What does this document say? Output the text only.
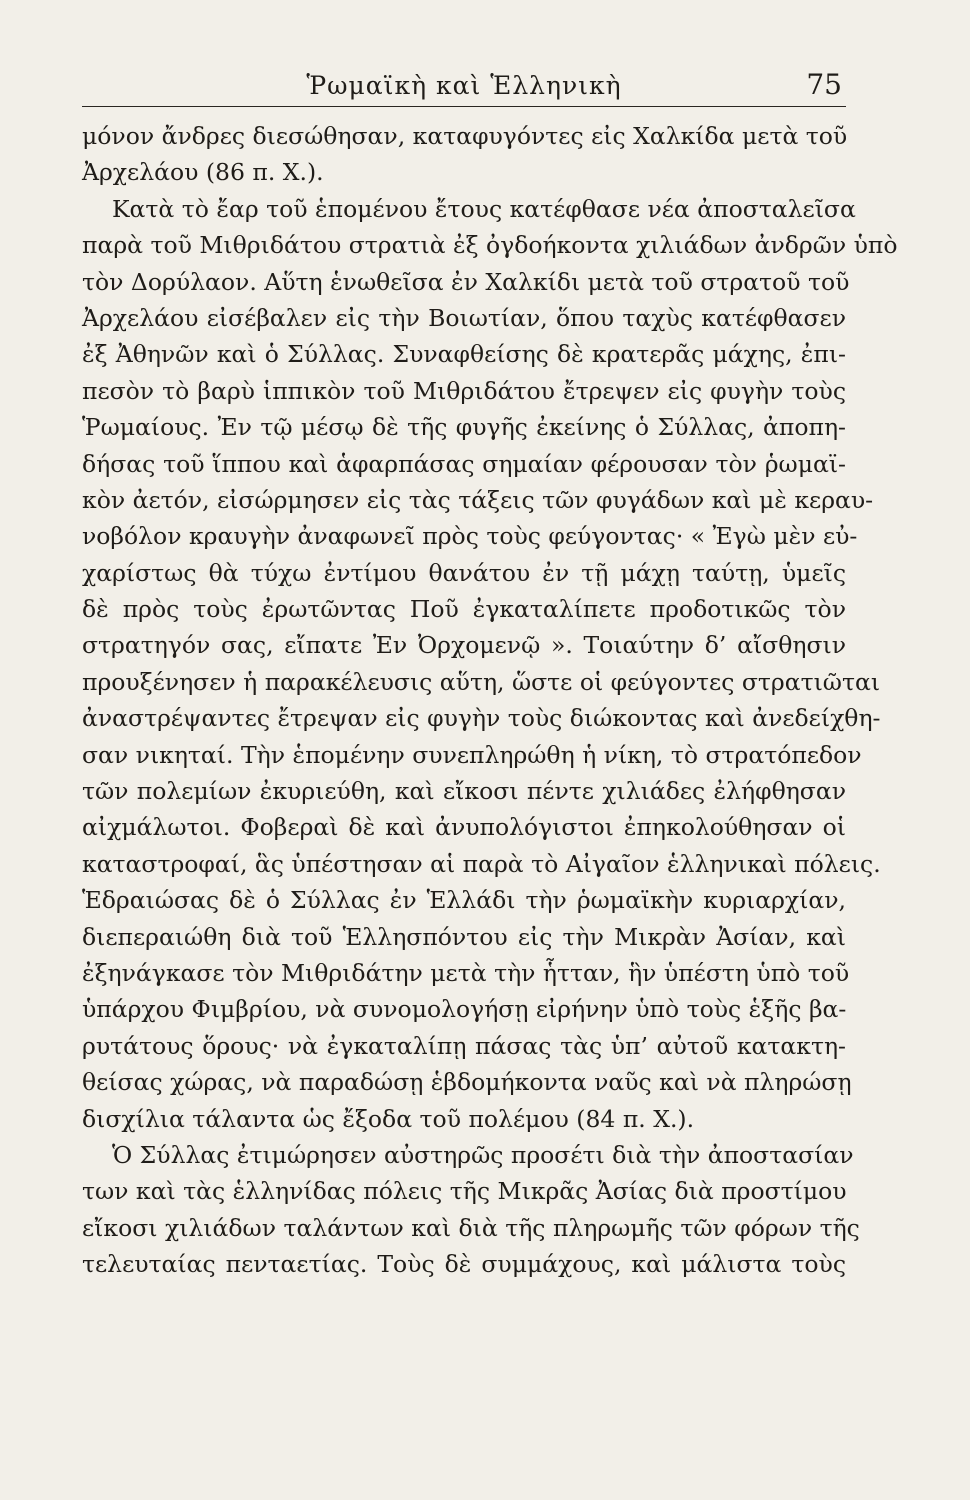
Ῥωμαϊκὴ καὶ Ἑλληνικὴ	75
μόνον ἄνδρες διεσώθησαν, καταφυγόντες εἰς Χαλκίδα μετὰ τοῦ
Ἀρχελάου (86 π. Χ.).
Κατὰ τὸ ἔαρ τοῦ ἑπομένου ἔτους κατέφθασε νέα ἀποσταλεῖσα
παρὰ τοῦ Μιθριδάτου στρατιὰ ἐξ ὀγδοήκοντα χιλιάδων ἀνδρῶν ὑπὸ
τὸν Δορύλαον. Αὕτη ἑνωθεῖσα ἐν Χαλκίδι μετὰ τοῦ στρατοῦ τοῦ
Ἀρχελάου εἰσέβαλεν εἰς τὴν Βοιωτίαν, ὅπου ταχὺς κατέφθασεν
ἐξ Ἀθηνῶν καὶ ὁ Σύλλας. Συναφθείσης δὲ κρατερᾶς μάχης, ἐπι-
πεσὸν τὸ βαρὺ ἱππικὸν τοῦ Μιθριδάτου ἔτρεψεν εἰς φυγὴν τοὺς
Ῥωμαίους. Ἐν τῷ μέσῳ δὲ τῆς φυγῆς ἐκείνης ὁ Σύλλας, ἀποπη-
δήσας τοῦ ἵππου καὶ ἁφαρπάσας σημαίαν φέρουσαν τὸν ῥωμαϊ-
κὸν ἀετόν, εἰσώρμησεν εἰς τὰς τάξεις τῶν φυγάδων καὶ μὲ κεραυ-
νοβόλον κραυγὴν ἀναφωνεῖ πρὸς τοὺς φεύγοντας· « Ἐγὼ μὲν εὐ-
χαρίστως θὰ τύχω ἐντίμου θανάτου ἐν τῇ μάχῃ ταύτῃ, ὑμεῖς
δὲ πρὸς τοὺς ἐρωτῶντας Ποῦ ἐγκαταλίπετε προδοτικῶς τὸν
στρατηγόν σας, εἴπατε Ἐν Ὀρχομενῷ ». Τοιαύτην δ’ αἴσθησιν
προυξένησεν ἡ παρακέλευσις αὕτη, ὥστε οἱ φεύγοντες στρατιῶται
ἀναστρέψαντες ἔτρεψαν εἰς φυγὴν τοὺς διώκοντας καὶ ἀνεδείχθη-
σαν νικηταί. Τὴν ἑπομένην συνεπληρώθη ἡ νίκη, τὸ στρατόπεδον
τῶν πολεμίων ἐκυριεύθη, καὶ εἴκοσι πέντε χιλιάδες ἐλήφθησαν
αἰχμάλωτοι. Φοβεραὶ δὲ καὶ ἀνυπολόγιστοι ἐπηκολούθησαν οἱ
καταστροφαί, ἃς ὑπέστησαν αἱ παρὰ τὸ Αἰγαῖον ἑλληνικαὶ πόλεις.
Ἑδραιώσας δὲ ὁ Σύλλας ἐν Ἑλλάδι τὴν ῥωμαϊκὴν κυριαρχίαν,
διεπεραιώθη διὰ τοῦ Ἑλλησπόντου εἰς τὴν Μικρὰν Ἀσίαν, καὶ
ἐξηνάγκασε τὸν Μιθριδάτην μετὰ τὴν ἧτταν, ἣν ὑπέστη ὑπὸ τοῦ
ὑπάρχου Φιμβρίου, νὰ συνομολογήσῃ εἰρήνην ὑπὸ τοὺς ἑξῆς βα-
ρυτάτους ὅρους· νὰ ἐγκαταλίπῃ πάσας τὰς ὑπ’ αὐτοῦ κατακτη-
θείσας χώρας, νὰ παραδώσῃ ἑβδομήκοντα ναῦς καὶ νὰ πληρώσῃ
δισχίλια τάλαντα ὡς ἔξοδα τοῦ πολέμου (84 π. Χ.).
Ὁ Σύλλας ἐτιμώρησεν αὐστηρῶς προσέτι διὰ τὴν ἀποστασίαν
των καὶ τὰς ἑλληνίδας πόλεις τῆς Μικρᾶς Ἀσίας διὰ προστίμου
εἴκοσι χιλιάδων ταλάντων καὶ διὰ τῆς πληρωμῆς τῶν φόρων τῆς
τελευταίας πενταετίας. Τοὺς δὲ συμμάχους, καὶ μάλιστα τοὺς
